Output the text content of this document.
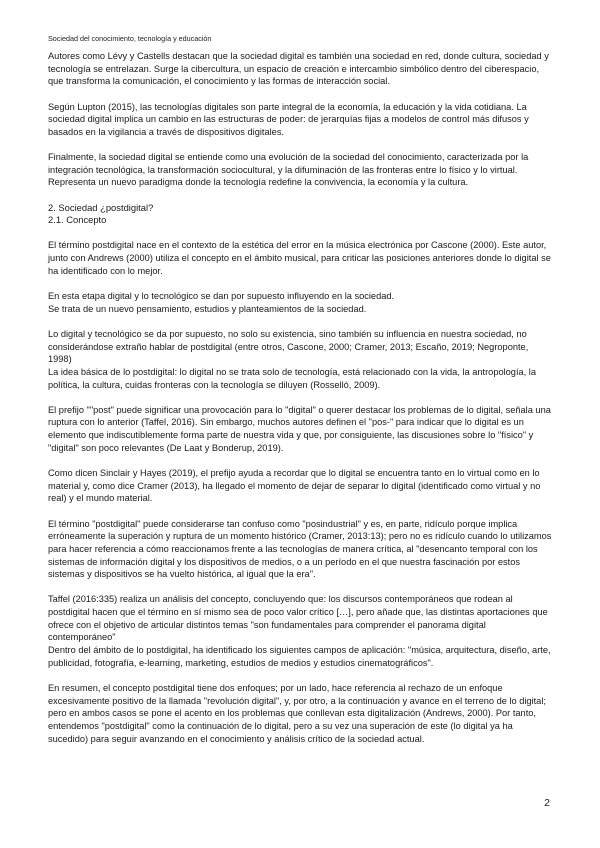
Sociedad del conocimiento, tecnología y educación

Autores como Lévy y Castells destacan que la sociedad digital es también una sociedad en red, donde cultura, sociedad y tecnología se entrelazan. Surge la cibercultura, un espacio de creación e intercambio simbólico dentro del ciberespacio, que transforma la comunicación, el conocimiento y las formas de interacción social.

Según Lupton (2015), las tecnologías digitales son parte integral de la economía, la educación y la vida cotidiana. La sociedad digital implica un cambio en las estructuras de poder: de jerarquías fijas a modelos de control más difusos y basados en la vigilancia a través de dispositivos digitales.

Finalmente, la sociedad digital se entiende como una evolución de la sociedad del conocimiento, caracterizada por la integración tecnológica, la transformación sociocultural, y la difuminación de las fronteras entre lo físico y lo virtual. Representa un nuevo paradigma donde la tecnología redefine la convivencia, la economía y la cultura.

2. Sociedad ¿postdigital?
2.1. Concepto

El término postdigital nace en el contexto de la estética del error en la música electrónica por Cascone (2000). Este autor, junto con Andrews (2000) utiliza el concepto en el ámbito musical, para criticar las posiciones anteriores donde lo digital se ha identificado con lo mejor.

En esta etapa digital y lo tecnológico se dan por supuesto influyendo en la sociedad.

Se trata de un nuevo pensamiento, estudios y planteamientos de la sociedad.

Lo digital y tecnológico se da por supuesto, no solo su existencia, sino también su influencia en nuestra sociedad, no considerándose extraño hablar de postdigital (entre otros, Cascone, 2000; Cramer, 2013; Escaño, 2019; Negroponte, 1998)

La idea básica de lo postdigital: lo digital no se trata solo de tecnología, está relacionado con la vida, la antropología, la política, la cultura, cuidas fronteras con la tecnología se diluyen (Rosselló, 2009).

El prefijo ""post" puede significar una provocación para lo "digital" o querer destacar los problemas de lo digital, señala una ruptura con lo anterior (Taffel, 2016). Sin embargo, muchos autores definen el "pos-" para indicar que lo digital es un elemento que indiscutiblemente forma parte de nuestra vida y que, por consiguiente, las discusiones sobre lo "físico" y "digital" son poco relevantes (De Laat y Bonderup, 2019).

Como dicen Sinclair y Hayes (2019), el prefijo ayuda a recordar que lo digital se encuentra tanto en lo virtual como en lo material y, como dice Cramer (2013), ha llegado el momento de dejar de separar lo digital (identificado como virtual y no real) y el mundo material.

El término "postdigital" puede considerarse tan confuso como "posindustrial" y es, en parte, ridículo porque implica erróneamente la superación y ruptura de un momento histórico (Cramer, 2013:13); pero no es ridículo cuando lo utilizamos para hacer referencia a cómo reaccionamos frente a las tecnologías de manera crítica, al "desencanto temporal con los sistemas de información digital y los dispositivos de medios, o a un período en el que nuestra fascinación por estos sistemas y dispositivos se ha vuelto histórica, al igual que la era".

Taffel (2016:335) realiza un análisis del concepto, concluyendo que: los discursos contemporáneos que rodean al postdigital hacen que el término en sí mismo sea de poco valor crítico […], pero añade que, las distintas aportaciones que ofrece con el objetivo de articular distintos temas "son fundamentales para comprender el panorama digital contemporáneo"

Dentro del ámbito de lo postdigital, ha identificado los siguientes campos de aplicación: "música, arquitectura, diseño, arte, publicidad, fotografía, e-learning, marketing, estudios de medios y estudios cinematográficos".

En resumen, el concepto postdigital tiene dos enfoques; por un lado, hace referencia al rechazo de un enfoque excesivamente positivo de la llamada "revolución digital", y, por otro, a la continuación y avance en el terreno de lo digital; pero en ambos casos se pone el acento en los problemas que conllevan esta digitalización (Andrews, 2000). Por tanto, entendemos "postdigital" como la continuación de lo digital, pero a su vez una superación de este (lo digital ya ha sucedido) para seguir avanzando en el conocimiento y análisis crítico de la sociedad actual.

2
